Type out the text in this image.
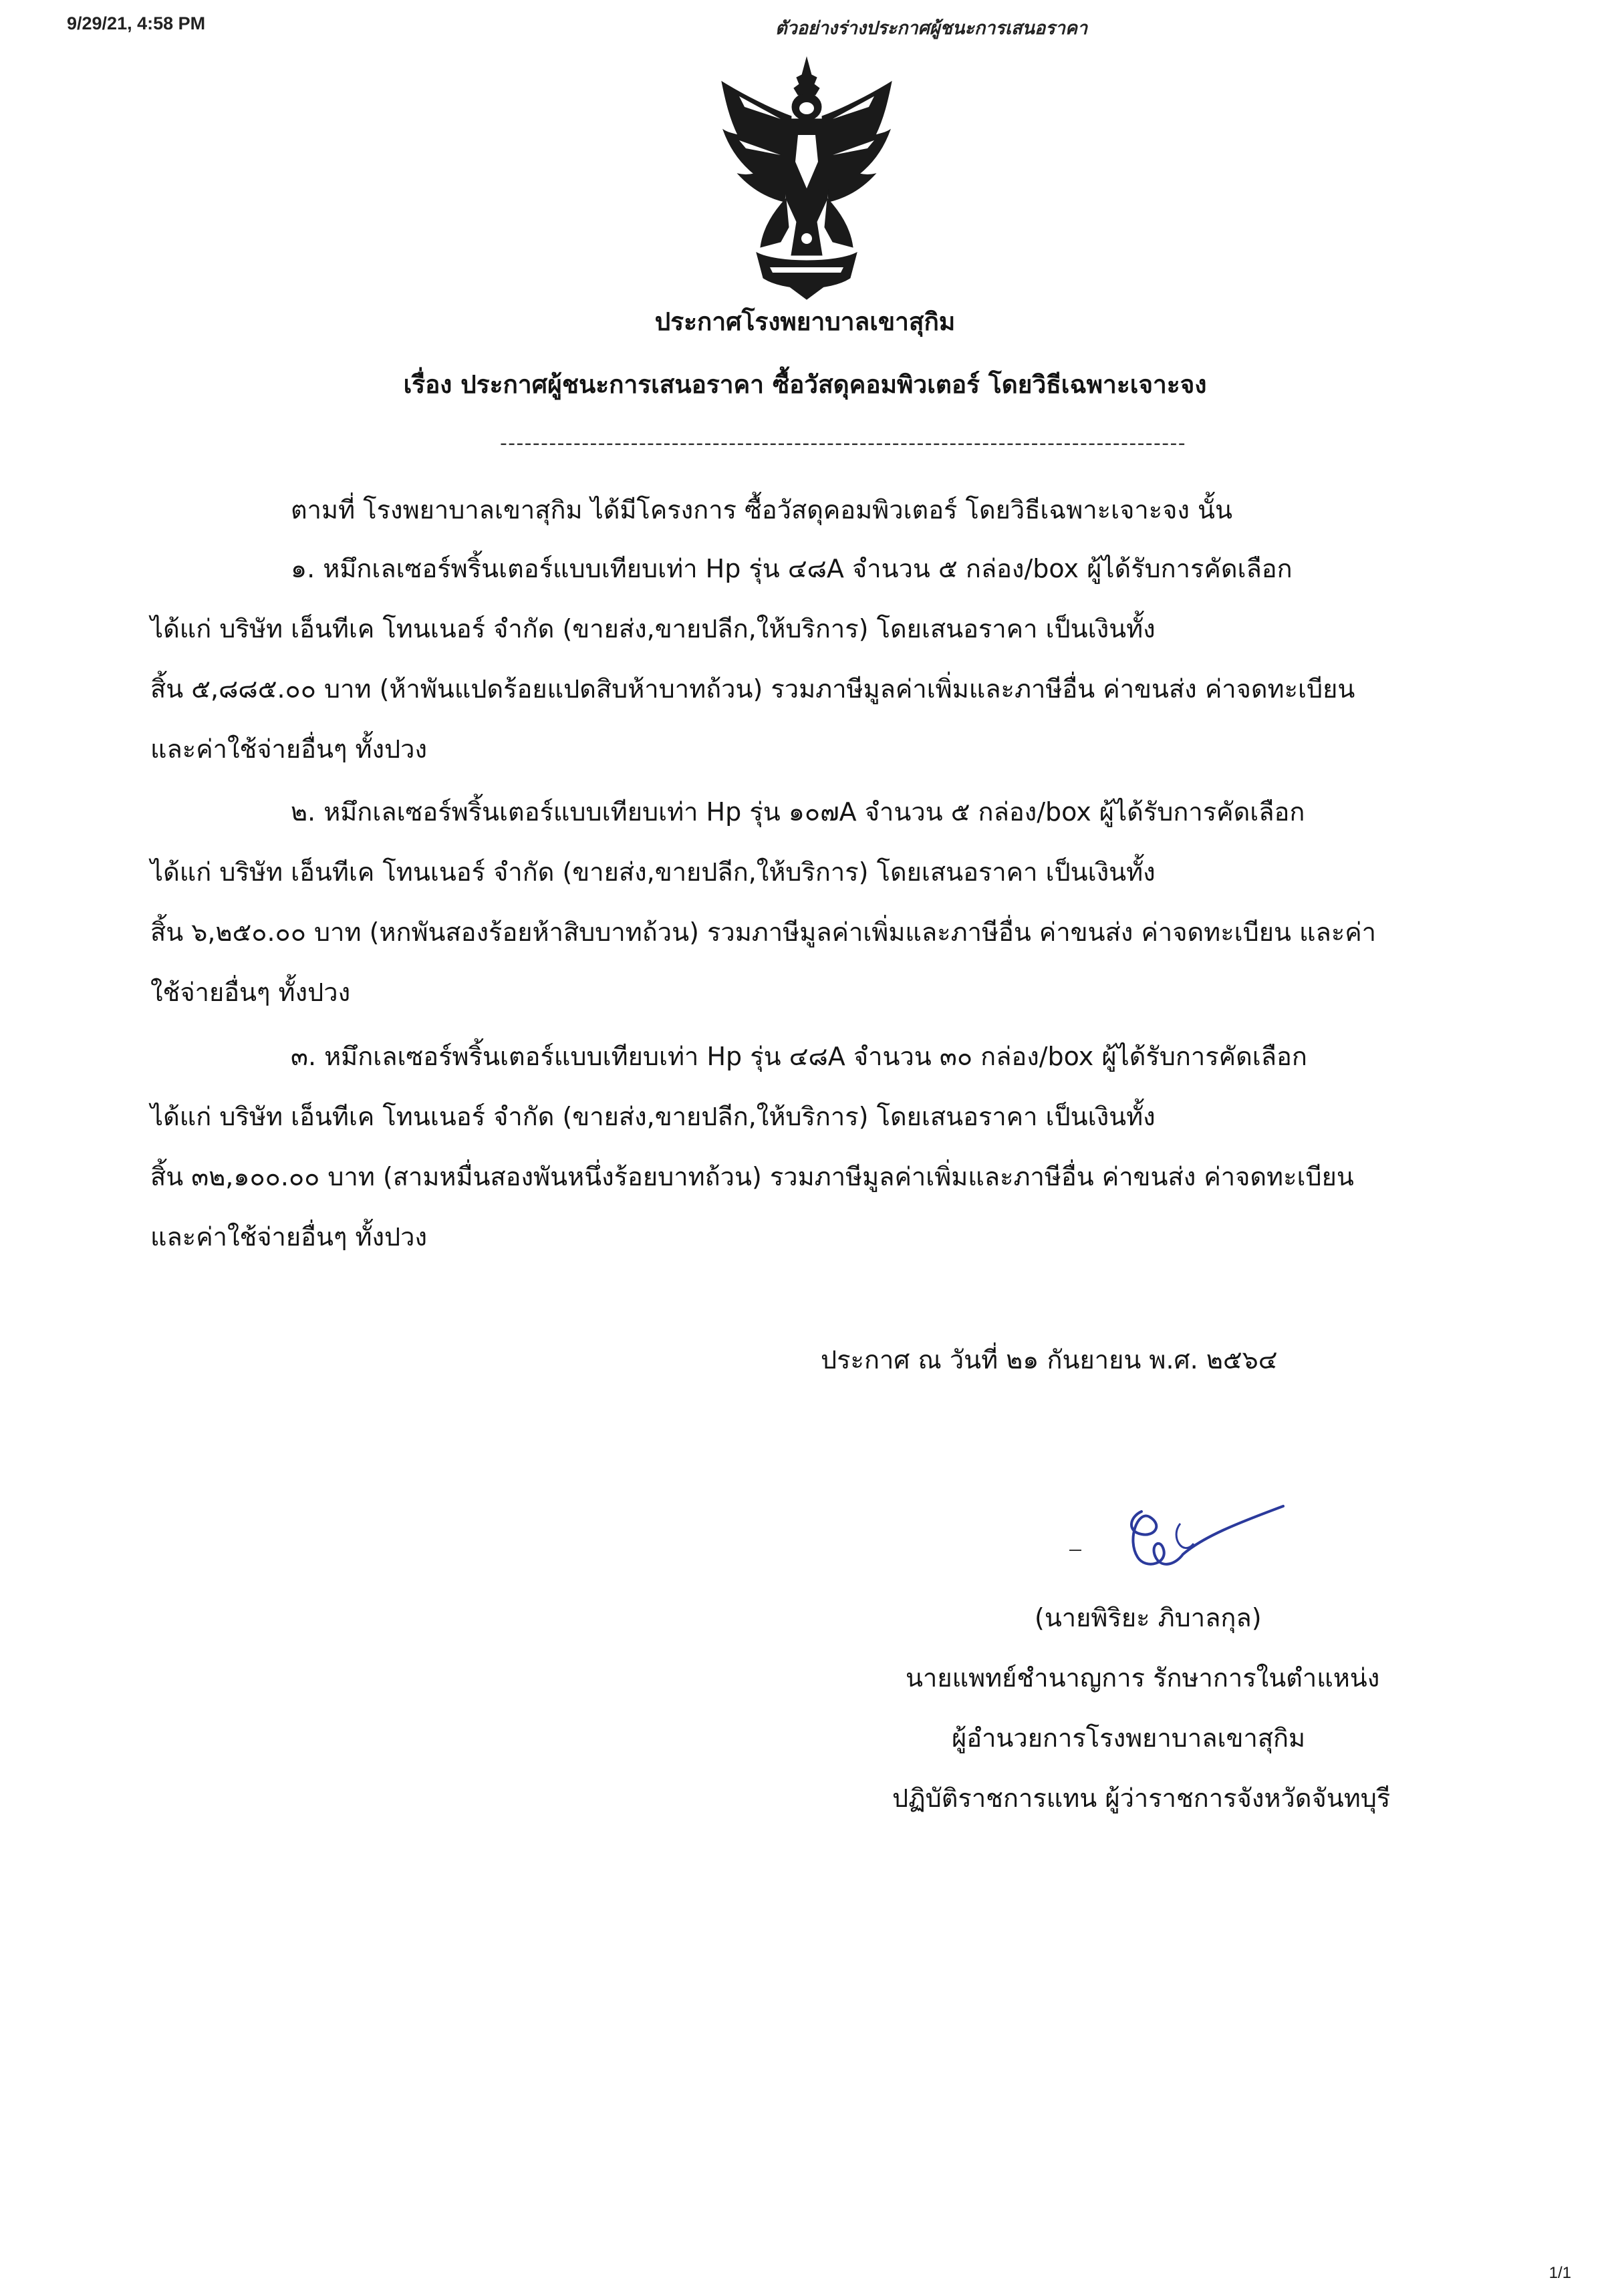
9/29/21, 4:58 PM	ตัวอย่างร่างประกาศผู้ชนะการเสนอราคา
ประกาศโรงพยาบาลเขาสุกิม
เรื่อง ประกาศผู้ชนะการเสนอราคา ซื้อวัสดุคอมพิวเตอร์ โดยวิธีเฉพาะเจาะจง
------------------------------------------------------------------------------------
ตามที่ โรงพยาบาลเขาสุกิม ได้มีโครงการ ซื้อวัสดุคอมพิวเตอร์ โดยวิธีเฉพาะเจาะจง นั้น
๑. หมึกเลเซอร์พริ้นเตอร์แบบเทียบเท่า Hp รุ่น ๔๘A จำนวน ๕ กล่อง/box ผู้ได้รับการคัดเลือก
ได้แก่ บริษัท เอ็นทีเค โทนเนอร์ จำกัด (ขายส่ง,ขายปลีก,ให้บริการ) โดยเสนอราคา เป็นเงินทั้ง
สิ้น ๕,๘๘๕.๐๐ บาท (ห้าพันแปดร้อยแปดสิบห้าบาทถ้วน) รวมภาษีมูลค่าเพิ่มและภาษีอื่น ค่าขนส่ง ค่าจดทะเบียน
และค่าใช้จ่ายอื่นๆ ทั้งปวง
๒. หมึกเลเซอร์พริ้นเตอร์แบบเทียบเท่า Hp รุ่น ๑๐๗A จำนวน ๕ กล่อง/box ผู้ได้รับการคัดเลือก
ได้แก่ บริษัท เอ็นทีเค โทนเนอร์ จำกัด (ขายส่ง,ขายปลีก,ให้บริการ) โดยเสนอราคา เป็นเงินทั้ง
สิ้น ๖,๒๕๐.๐๐ บาท (หกพันสองร้อยห้าสิบบาทถ้วน) รวมภาษีมูลค่าเพิ่มและภาษีอื่น ค่าขนส่ง ค่าจดทะเบียน และค่า
ใช้จ่ายอื่นๆ ทั้งปวง
๓. หมึกเลเซอร์พริ้นเตอร์แบบเทียบเท่า Hp รุ่น ๔๘A จำนวน ๓๐ กล่อง/box ผู้ได้รับการคัดเลือก
ได้แก่ บริษัท เอ็นทีเค โทนเนอร์ จำกัด (ขายส่ง,ขายปลีก,ให้บริการ) โดยเสนอราคา เป็นเงินทั้ง
สิ้น ๓๒,๑๐๐.๐๐ บาท (สามหมื่นสองพันหนึ่งร้อยบาทถ้วน) รวมภาษีมูลค่าเพิ่มและภาษีอื่น ค่าขนส่ง ค่าจดทะเบียน
และค่าใช้จ่ายอื่นๆ ทั้งปวง
ประกาศ ณ วันที่ ๒๑ กันยายน พ.ศ. ๒๕๖๔
(นายพิริยะ ภิบาลกุล)
นายแพทย์ชำนาญการ รักษาการในตำแหน่ง
ผู้อำนวยการโรงพยาบาลเขาสุกิม
ปฏิบัติราชการแทน ผู้ว่าราชการจังหวัดจันทบุรี
1/1
